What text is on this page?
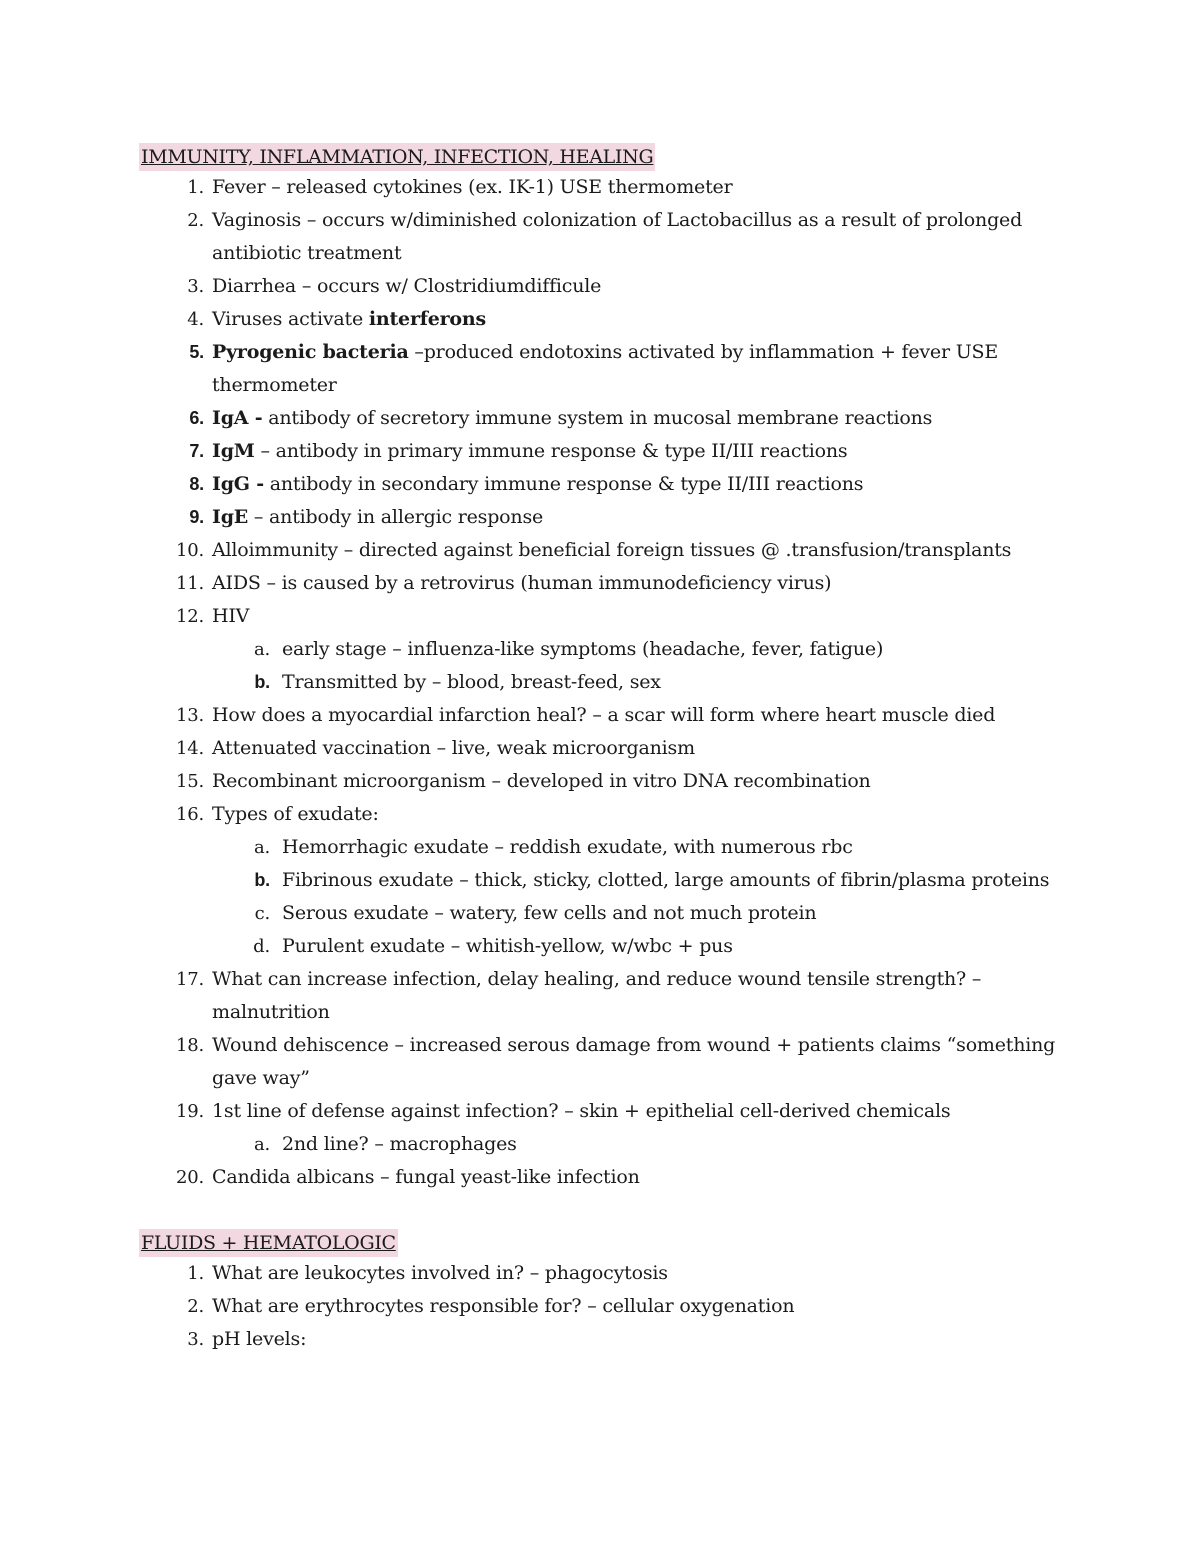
IMMUNITY, INFLAMMATION, INFECTION, HEALING
1. Fever – released cytokines (ex. IK-1) USE thermometer
2. Vaginosis – occurs w/diminished colonization of Lactobacillus as a result of prolonged antibiotic treatment
3. Diarrhea – occurs w/ Clostridiumdifficule
4. Viruses activate interferons
5. Pyrogenic bacteria –produced endotoxins activated by inflammation + fever USE thermometer
6. IgA - antibody of secretory immune system in mucosal membrane reactions
7. IgM – antibody in primary immune response & type II/III reactions
8. IgG - antibody in secondary immune response & type II/III reactions
9. IgE – antibody in allergic response
10. Alloimmunity – directed against beneficial foreign tissues @ .transfusion/transplants
11. AIDS – is caused by a retrovirus (human immunodeficiency virus)
12. HIV
a. early stage – influenza-like symptoms (headache, fever, fatigue)
b. Transmitted by – blood, breast-feed, sex
13. How does a myocardial infarction heal? – a scar will form where heart muscle died
14. Attenuated vaccination – live, weak microorganism
15. Recombinant microorganism – developed in vitro DNA recombination
16. Types of exudate:
a. Hemorrhagic exudate – reddish exudate, with numerous rbc
b. Fibrinous exudate – thick, sticky, clotted, large amounts of fibrin/plasma proteins
c. Serous exudate – watery, few cells and not much protein
d. Purulent exudate – whitish-yellow, w/wbc + pus
17. What can increase infection, delay healing, and reduce wound tensile strength? – malnutrition
18. Wound dehiscence – increased serous damage from wound + patients claims “something gave way”
19. 1st line of defense against infection? – skin + epithelial cell-derived chemicals
a. 2nd line? – macrophages
20. Candida albicans – fungal yeast-like infection
FLUIDS + HEMATOLOGIC
1. What are leukocytes involved in? – phagocytosis
2. What are erythrocytes responsible for? – cellular oxygenation
3. pH levels:
